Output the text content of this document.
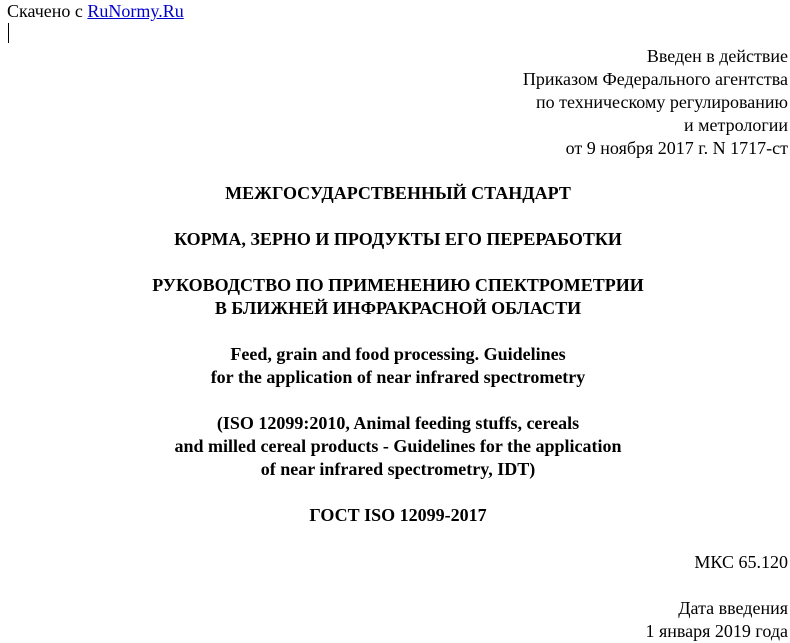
Скачено с RuNormy.Ru
Введен в действие
Приказом Федерального агентства
по техническому регулированию
и метрологии
от 9 ноября 2017 г. N 1717-ст
МЕЖГОСУДАРСТВЕННЫЙ СТАНДАРТ
КОРМА, ЗЕРНО И ПРОДУКТЫ ЕГО ПЕРЕРАБОТКИ
РУКОВОДСТВО ПО ПРИМЕНЕНИЮ СПЕКТРОМЕТРИИ
В БЛИЖНЕЙ ИНФРАКРАСНОЙ ОБЛАСТИ
Feed, grain and food processing. Guidelines
for the application of near infrared spectrometry
(ISO 12099:2010, Animal feeding stuffs, cereals
and milled cereal products - Guidelines for the application
of near infrared spectrometry, IDT)
ГОСТ ISO 12099-2017
МКС 65.120
Дата введения
1 января 2019 года
